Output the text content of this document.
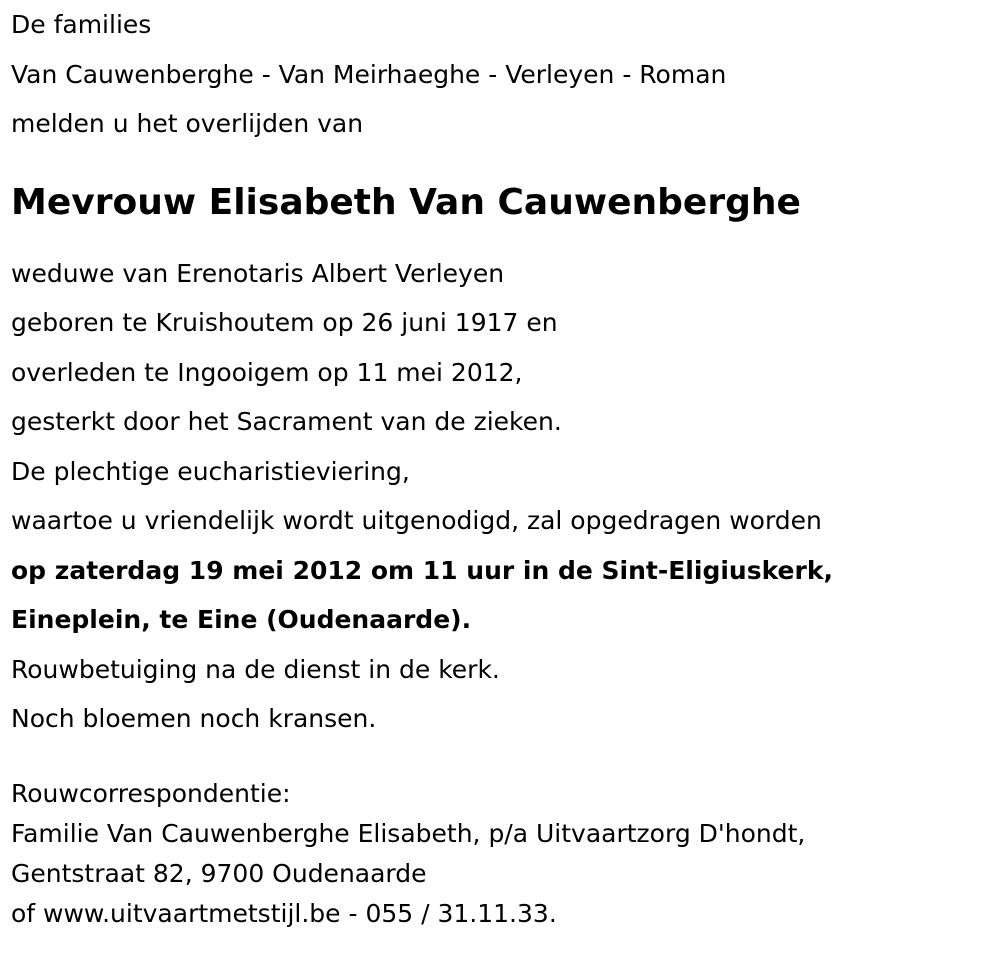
De families
Van Cauwenberghe - Van Meirhaeghe - Verleyen - Roman
melden u het overlijden van
Mevrouw Elisabeth Van Cauwenberghe
weduwe van Erenotaris Albert Verleyen
geboren te Kruishoutem op 26 juni 1917 en
overleden te Ingooigem op 11 mei 2012,
gesterkt door het Sacrament van de zieken.
De plechtige eucharistieviering,
waartoe u vriendelijk wordt uitgenodigd, zal opgedragen worden
op zaterdag 19 mei 2012 om 11 uur in de Sint-Eligiuskerk,
Eineplein, te Eine (Oudenaarde).
Rouwbetuiging na de dienst in de kerk.
Noch bloemen noch kransen.
Rouwcorrespondentie:
Familie Van Cauwenberghe Elisabeth, p/a Uitvaartzorg D'hondt,
Gentstraat 82, 9700 Oudenaarde
of www.uitvaartmetstijl.be - 055 / 31.11.33.
